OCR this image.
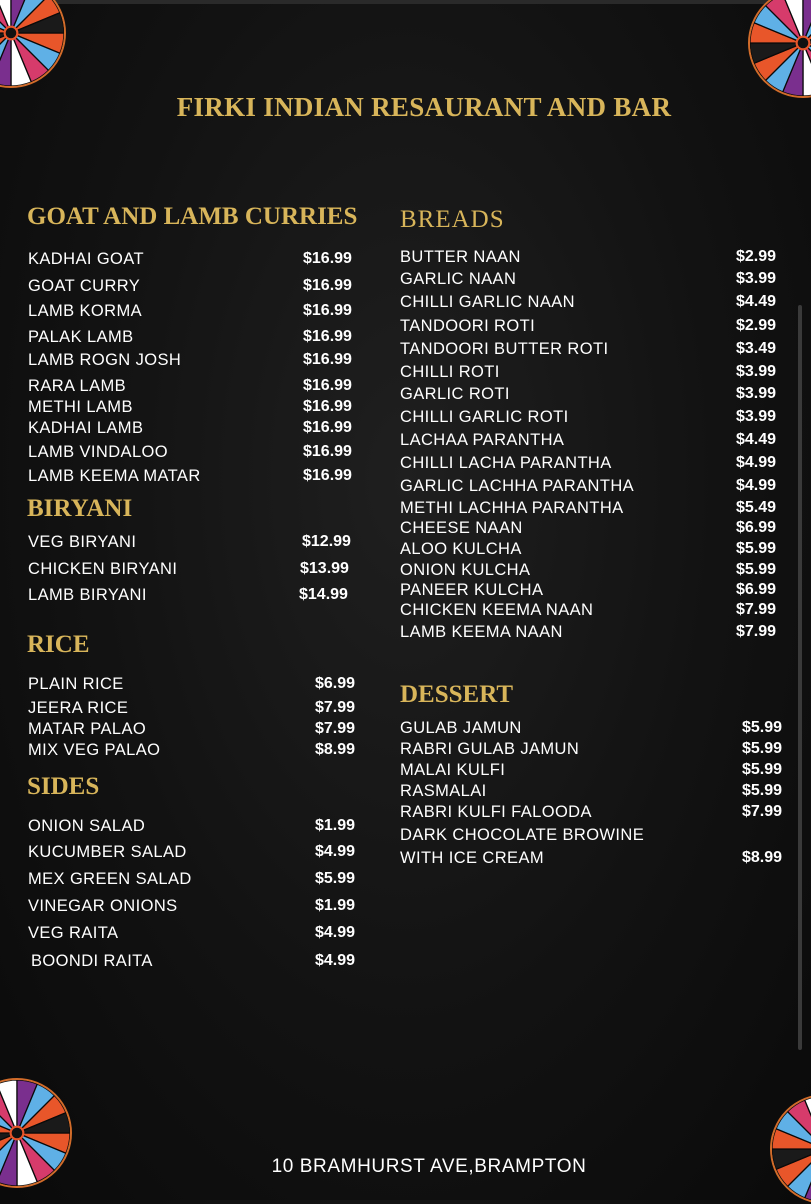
FIRKI INDIAN RESAURANT AND BAR
GOAT AND LAMB CURRIES
BIRYANI
RICE
SIDES
BREADS
DESSERT
10 BRAMHURST AVE,BRAMPTON
KADHAI GOAT	$16.99
GOAT CURRY	$16.99
LAMB KORMA	$16.99
PALAK LAMB	$16.99
LAMB ROGN JOSH	$16.99
RARA LAMB	$16.99
METHI LAMB	$16.99
KADHAI LAMB	$16.99
LAMB VINDALOO	$16.99
LAMB KEEMA MATAR	$16.99
VEG BIRYANI	$12.99
CHICKEN BIRYANI	$13.99
LAMB BIRYANI	$14.99
PLAIN RICE	$6.99
JEERA RICE	$7.99
MATAR PALAO	$7.99
MIX VEG PALAO	$8.99
ONION SALAD	$1.99
KUCUMBER SALAD	$4.99
MEX GREEN SALAD	$5.99
VINEGAR ONIONS	$1.99
VEG RAITA	$4.99
BOONDI RAITA	$4.99
BUTTER NAAN	$2.99
GARLIC NAAN	$3.99
CHILLI GARLIC NAAN	$4.49
TANDOORI ROTI	$2.99
TANDOORI BUTTER ROTI	$3.49
CHILLI ROTI	$3.99
GARLIC ROTI	$3.99
CHILLI GARLIC ROTI	$3.99
LACHAA PARANTHA	$4.49
CHILLI LACHA PARANTHA	$4.99
GARLIC LACHHA PARANTHA	$4.99
METHI LACHHA PARANTHA	$5.49
CHEESE NAAN	$6.99
ALOO KULCHA	$5.99
ONION KULCHA	$5.99
PANEER KULCHA	$6.99
CHICKEN KEEMA NAAN	$7.99
LAMB KEEMA NAAN	$7.99
GULAB JAMUN	$5.99
RABRI GULAB JAMUN	$5.99
MALAI KULFI	$5.99
RASMALAI	$5.99
RABRI KULFI FALOODA	$7.99
DARK CHOCOLATE BROWINE
WITH ICE CREAM	$8.99
